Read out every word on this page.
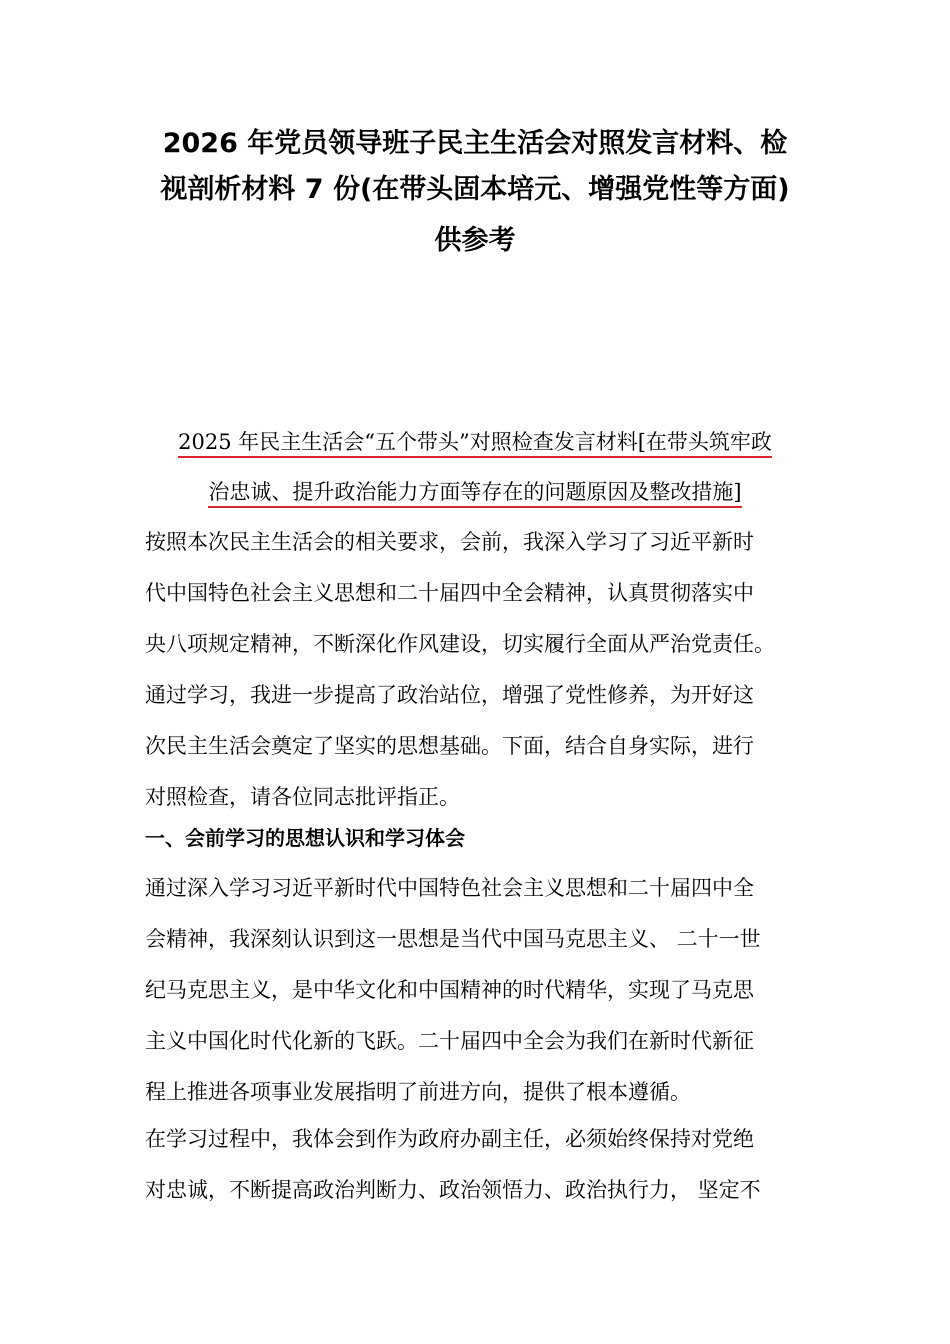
2026 年党员领导班子民主生活会对照发言材料、检
视剖析材料 7 份(在带头固本培元、增强党性等方面)
供参考
2025 年民主生活会“五个带头”对照检查发言材料[在带头筑牢政
治忠诚、提升政治能力方面等存在的问题原因及整改措施]
按照本次民主生活会的相关要求，会前，我深入学习了习近平新时
代中国特色社会主义思想和二十届四中全会精神，认真贯彻落实中
央八项规定精神，不断深化作风建设，切实履行全面从严治党责任。
通过学习，我进一步提高了政治站位，增强了党性修养，为开好这
次民主生活会奠定了坚实的思想基础。下面，结合自身实际，进行
对照检查，请各位同志批评指正。
一、会前学习的思想认识和学习体会
通过深入学习习近平新时代中国特色社会主义思想和二十届四中全
会精神，我深刻认识到这一思想是当代中国马克思主义、 二十一世
纪马克思主义，是中华文化和中国精神的时代精华，实现了马克思
主义中国化时代化新的飞跃。二十届四中全会为我们在新时代新征
程上推进各项事业发展指明了前进方向，提供了根本遵循。
在学习过程中，我体会到作为政府办副主任，必须始终保持对党绝
对忠诚，不断提高政治判断力、政治领悟力、政治执行力， 坚定不
